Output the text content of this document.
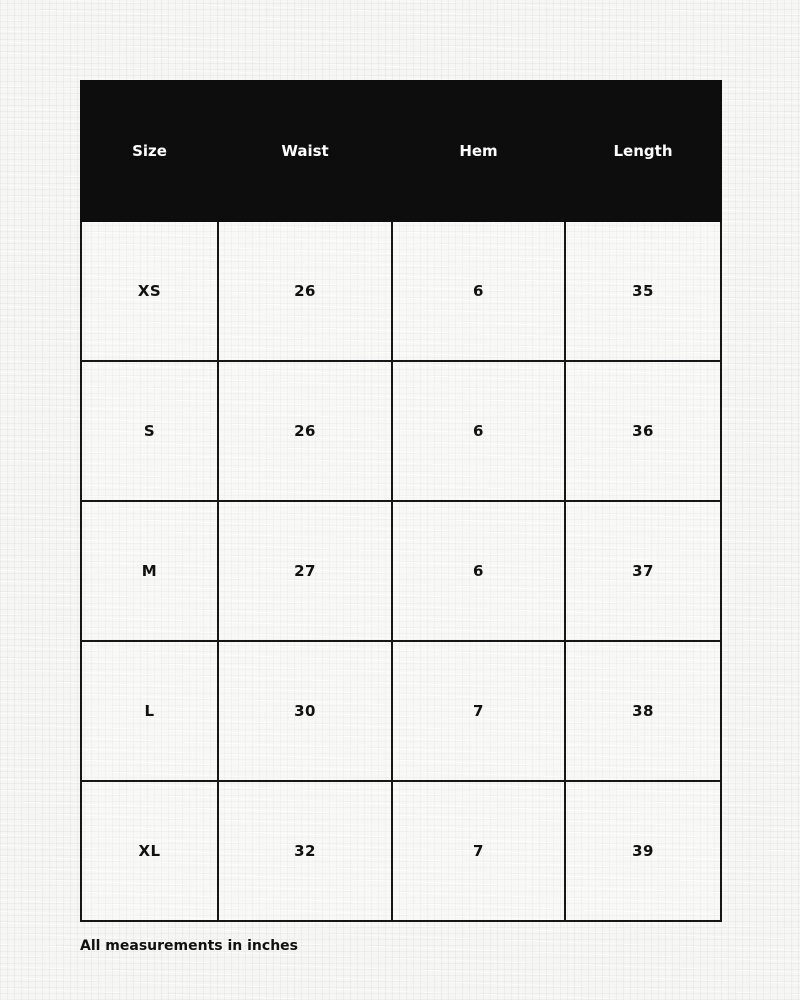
Size	Waist	Hem	Length
XS	26	6	35
S	26	6	36
M	27	6	37
L	30	7	38
XL	32	7	39
All measurements in inches
